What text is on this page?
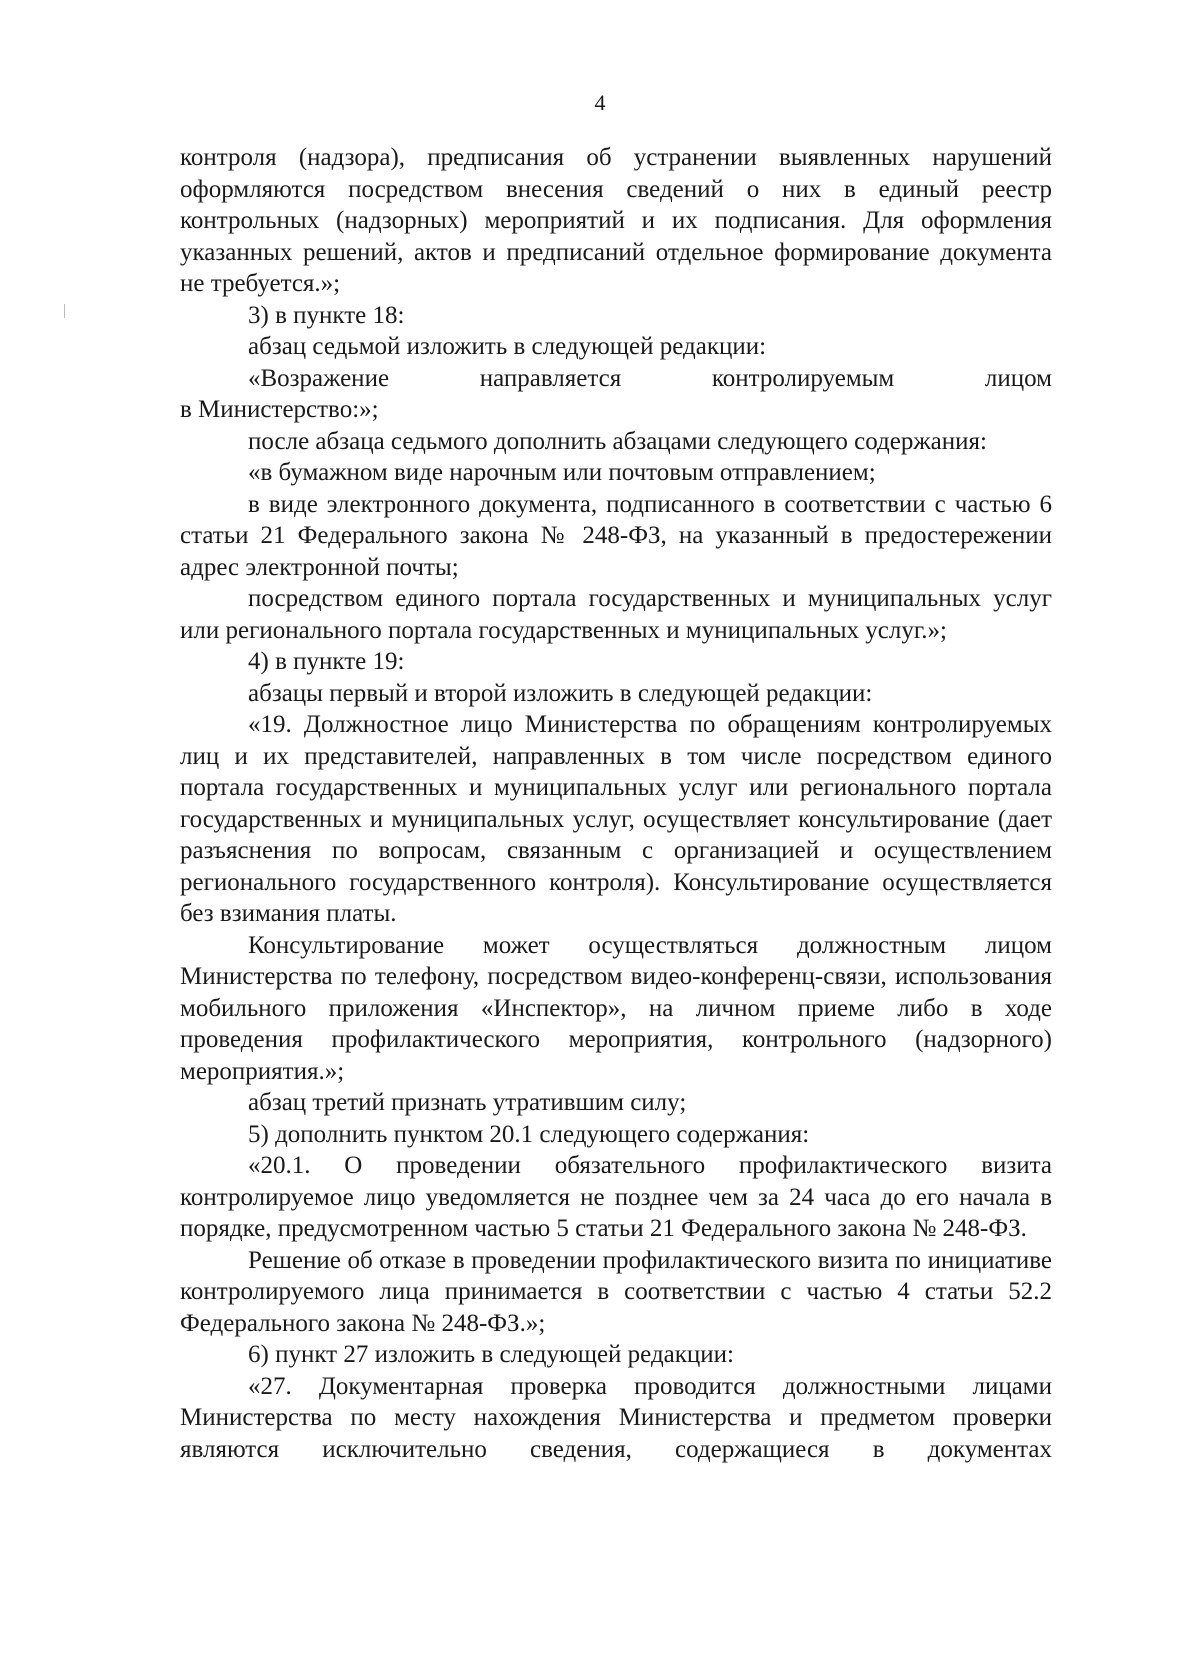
4

контроля (надзора), предписания об устранении выявленных нарушений оформляются посредством внесения сведений о них в единый реестр контрольных (надзорных) мероприятий и их подписания. Для оформления указанных решений, актов и предписаний отдельное формирование документа не требуется.»;

3) в пункте 18:

абзац седьмой изложить в следующей редакции:

«Возражение направляется контролируемым лицом

в Министерство:»;

после абзаца седьмого дополнить абзацами следующего содержания:

«в бумажном виде нарочным или почтовым отправлением;

в виде электронного документа, подписанного в соответствии с частью 6 статьи 21 Федерального закона № 248-ФЗ, на указанный в предостережении адрес электронной почты;

посредством единого портала государственных и муниципальных услуг или регионального портала государственных и муниципальных услуг.»;

4) в пункте 19:

абзацы первый и второй изложить в следующей редакции:

«19. Должностное лицо Министерства по обращениям контролируемых лиц и их представителей, направленных в том числе посредством единого портала государственных и муниципальных услуг или регионального портала государственных и муниципальных услуг, осуществляет консультирование (дает разъяснения по вопросам, связанным с организацией и осуществлением регионального государственного контроля). Консультирование осуществляется без взимания платы.

Консультирование может осуществляться должностным лицом Министерства по телефону, посредством видео-конференц-связи, использования мобильного приложения «Инспектор», на личном приеме либо в ходе проведения профилактического мероприятия, контрольного (надзорного) мероприятия.»;

абзац третий признать утратившим силу;

5) дополнить пунктом 20.1 следующего содержания:

«20.1. О проведении обязательного профилактического визита контролируемое лицо уведомляется не позднее чем за 24 часа до его начала в порядке, предусмотренном частью 5 статьи 21 Федерального закона № 248-ФЗ.

Решение об отказе в проведении профилактического визита по инициативе контролируемого лица принимается в соответствии с частью 4 статьи 52.2 Федерального закона № 248-ФЗ.»;

6) пункт 27 изложить в следующей редакции:

«27. Документарная проверка проводится должностными лицами Министерства по месту нахождения Министерства и предметом проверки являются исключительно сведения, содержащиеся в документах
